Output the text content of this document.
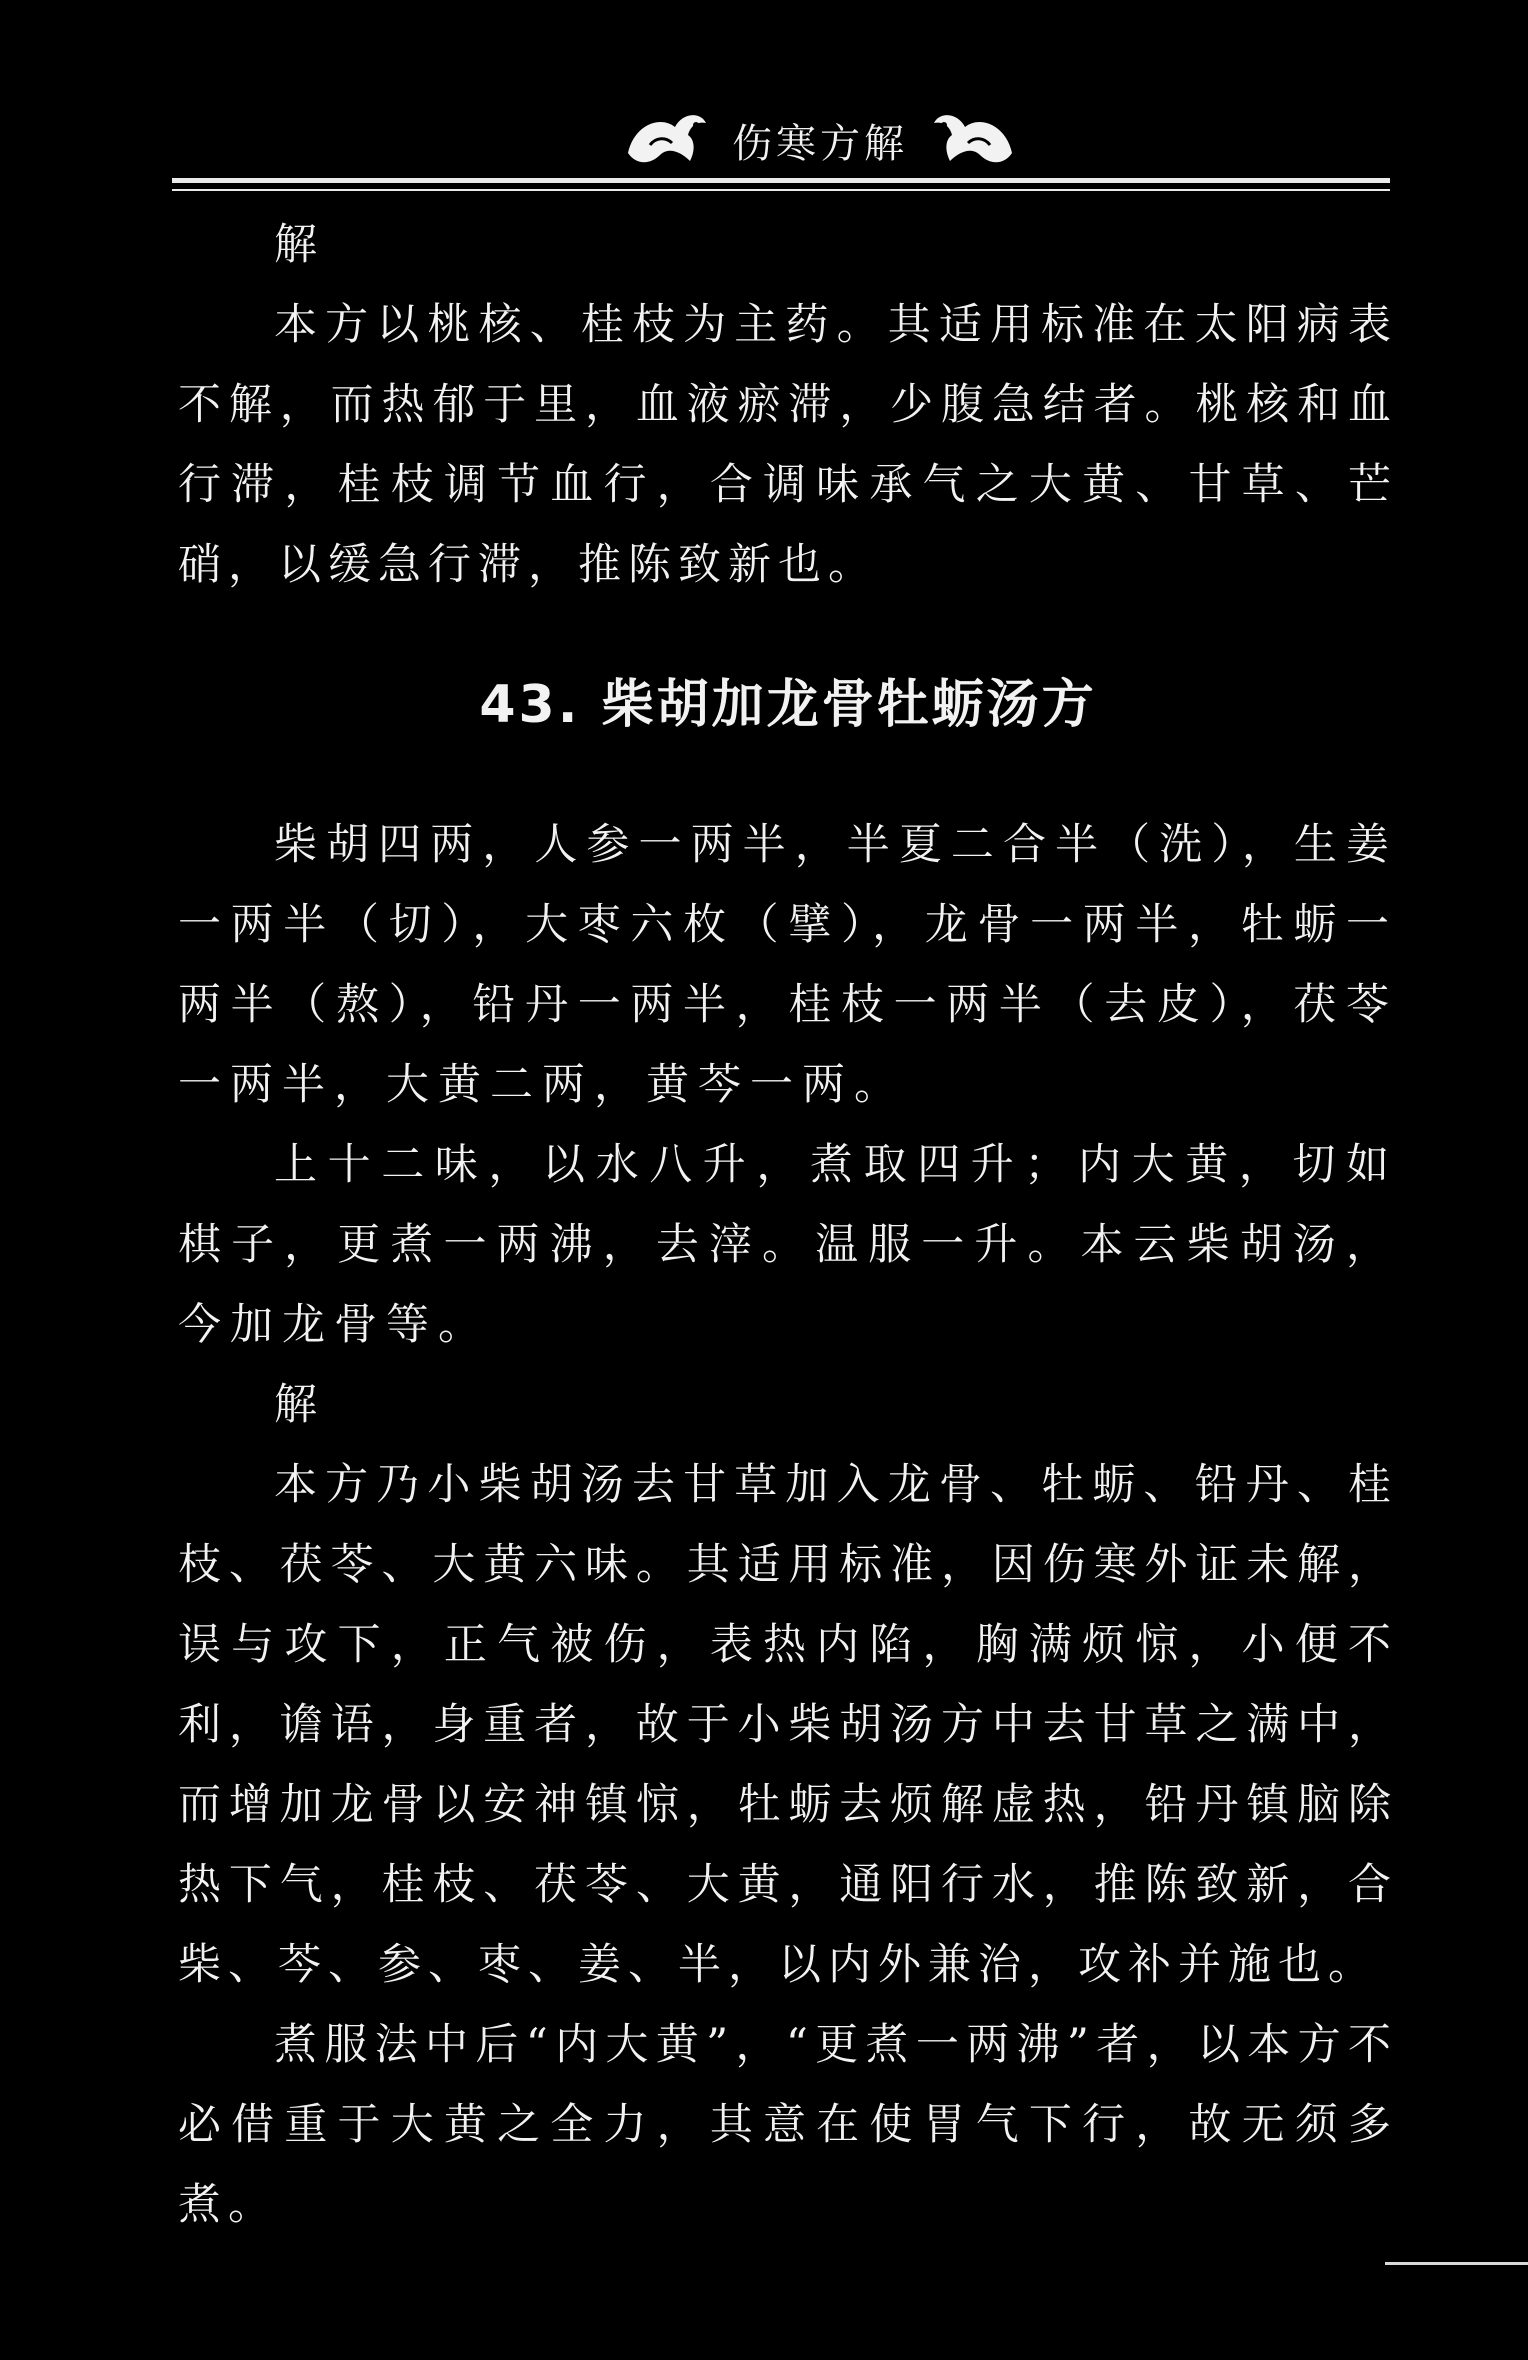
伤寒方解

解

本方以桃核、桂枝为主药。其适用标准在太阳病表不解，而热郁于里，血液瘀滞，少腹急结者。桃核和血行滞，桂枝调节血行，合调味承气之大黄、甘草、芒硝，以缓急行滞，推陈致新也。

43. 柴胡加龙骨牡蛎汤方

柴胡四两，人参一两半，半夏二合半（洗），生姜一两半（切），大枣六枚（擘），龙骨一两半，牡蛎一两半（熬），铅丹一两半，桂枝一两半（去皮），茯苓一两半，大黄二两，黄芩一两。

上十二味，以水八升，煮取四升；内大黄，切如棋子，更煮一两沸，去滓。温服一升。本云柴胡汤，今加龙骨等。

解

本方乃小柴胡汤去甘草加入龙骨、牡蛎、铅丹、桂枝、茯苓、大黄六味。其适用标准，因伤寒外证未解，误与攻下，正气被伤，表热内陷，胸满烦惊，小便不利，谵语，身重者，故于小柴胡汤方中去甘草之满中，而增加龙骨以安神镇惊，牡蛎去烦解虚热，铅丹镇脑除热下气，桂枝、茯苓、大黄，通阳行水，推陈致新，合柴、芩、参、枣、姜、半，以内外兼治，攻补并施也。

煮服法中后“内大黄”，“更煮一两沸”者，以本方不必借重于大黄之全力，其意在使胃气下行，故无须多煮。
